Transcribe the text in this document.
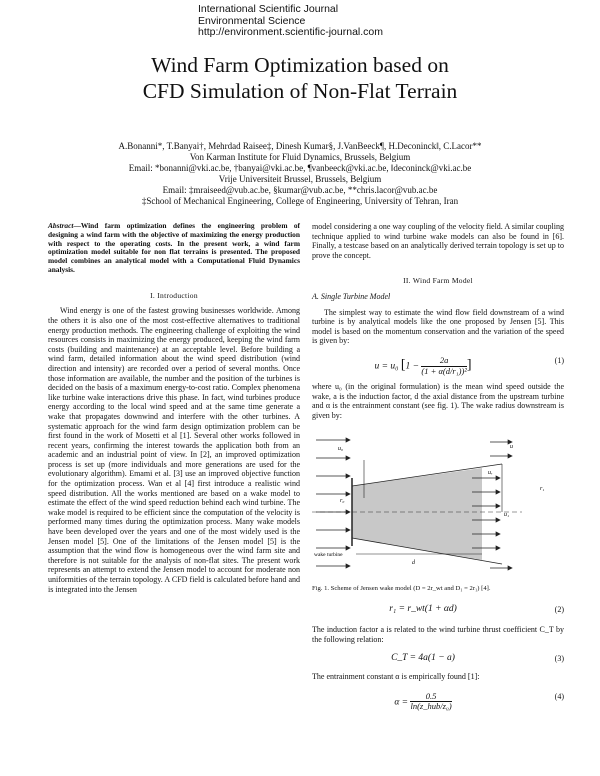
International Scientific Journal
Environmental Science
http://environment.scientific-journal.com
Wind Farm Optimization based on
CFD Simulation of Non-Flat Terrain
A.Bonanni*, T.Banyai†, Mehrdad Raisee‡, Dinesh Kumar§, J.VanBeeck¶, H.Deconinck‖, C.Lacor**
Von Karman Institute for Fluid Dynamics, Brussels, Belgium
Email: *bonanni@vki.ac.be, †banyai@vki.ac.be, ¶vanbeeck@vki.ac.be, ‖deconinck@vki.ac.be
Vrije Universiteit Brussel, Brussels, Belgium
Email: ‡mraiseed@vub.ac.be, §kumar@vub.ac.be, **chris.lacor@vub.ac.be
‡School of Mechanical Engineering, College of Engineering, University of Tehran, Iran
Abstract—Wind farm optimization defines the engineering problem of designing a wind farm with the objective of maximizing the energy production with respect to the operating costs. In the present work, a wind farm optimization model suitable for non flat terrains is presented. The proposed model combines an analytical model with a Computational Fluid Dynamics analysis.
I. Introduction

Wind energy is one of the fastest growing businesses worldwide. Among the others it is also one of the most cost-effective alternatives to traditional energy production methods. The engineering challenge of exploiting the wind resources consists in maximizing the energy produced, keeping the wind farm costs (building and maintenance) at an acceptable level. Before building a wind farm, detailed information about the wind speed distribution (wind direction and intensity) are recorded over a period of several months. Once those information are available, the number and the position of the turbines is decided on the basis of a maximum energy-to-cost ratio. Complex phenomena like turbine wake interactions drive this phase. In fact, wind turbines produce energy according to the local wind speed and at the same time generate a wake that propagates downwind and interfere with the other turbines. A systematic approach for the wind farm design optimization problem can be first found in the work of Mosetti et al [1]. Several other works followed in recent years, confirming the interest towards the application both from an academic and an industrial point of view. In [2], an improved optimization process is set up (more individuals and more generations are used for the evolutionary algorithm). Emami et al. [3] use an improved objective function for the optimization process. Wan et al [4] first introduce a realistic wind speed distribution. All the works mentioned are based on a wake model to estimate the effect of the wind speed reduction behind each wind turbine. The wake model is required to be efficient since the computation of the velocity is performed many times during the optimization process. Many wake models have been developed over the years and one of the most widely used is the Jensen model [5]. One of the limitations of the Jensen model [5] is the assumption that the wind flow is homogeneous over the wind farm site and therefore is not suitable for the analysis of non-flat sites. The present work represents an attempt to extend the Jensen model to account for moderate non uniformities of the terrain topology. A CFD field is calculated before hand and is integrated into the Jensen

model considering a one way coupling of the velocity field. A similar coupling technique applied to wind turbine wake models can also be found in [6]. Finally, a testcase based on an analytically derived terrain topology is set up to prove the concept.

II. Wind Farm Model
A. Single Turbine Model

The simplest way to estimate the wind flow field downstream of a wind turbine is by analytical models like the one proposed by Jensen [5]. This model is based on the momentum conservation and the variation of the speed is given by:

u = u₀ [$1 - \frac{2a}{\text{(1 + α(d/r₁))²}}$ ]	(1)

where u₀ (in the original formulation) is the mean wind speed outside the wake, a is the induction factor, d the axial distance from the upstream turbine and α is the entrainment constant (see fig. 1). The wake radius downstream is given by:

u₀	u
uᵣ
u₁
r₁
r₀
d
wake turbine
Fig. 1. Scheme of Jensen wake model (D = 2r_wt and D₁ = 2r₁) [4].
r₁ = r_wt(1 + αd)	(2)

The induction factor a is related to the wind turbine thrust coefficient C_T by the following relation:

C_T = 4a(1 − a)	(3)

The entrainment constant α is empirically found [1]:

$\alpha = \frac{0.5}{\text{ln(z\_hub/z₀)}}$	(4)
